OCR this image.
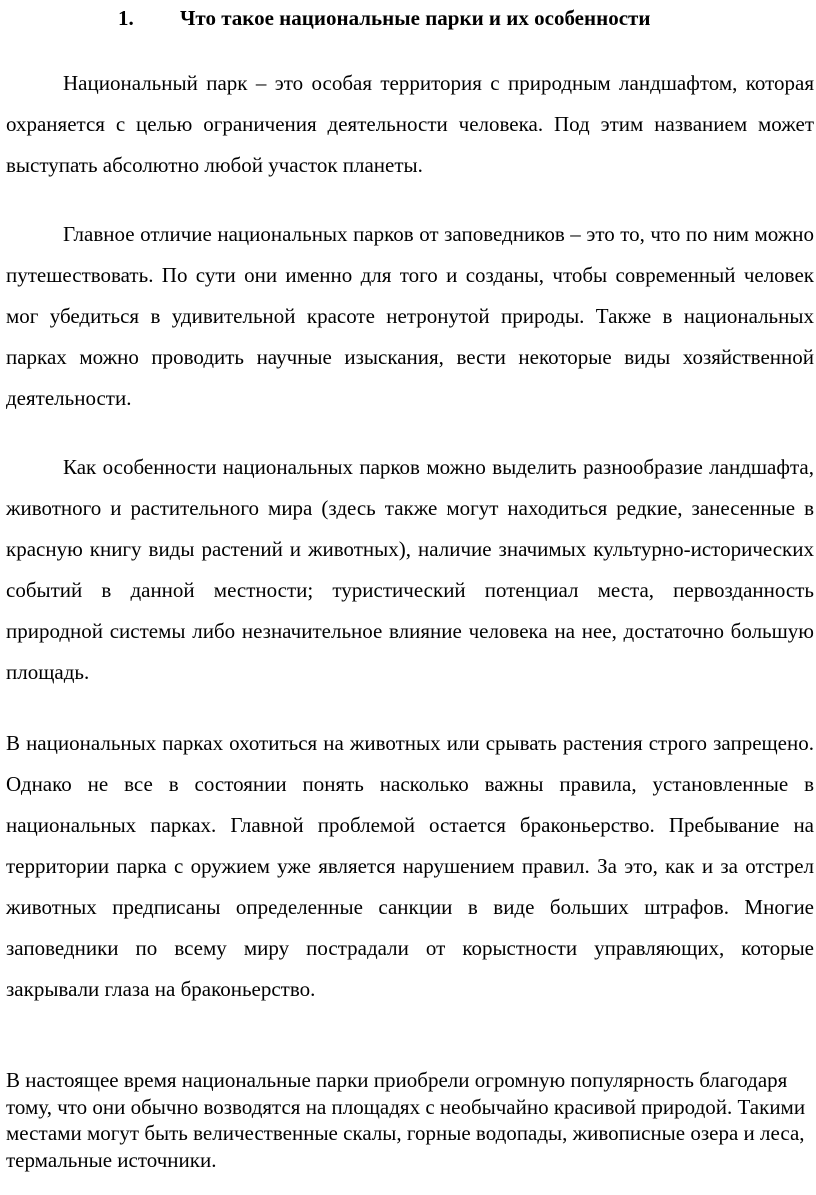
1. Что такое национальные парки и их особенности

Национальный парк – это особая территория с природным ландшафтом, которая охраняется с целью ограничения деятельности человека. Под этим названием может выступать абсолютно любой участок планеты.

Главное отличие национальных парков от заповедников – это то, что по ним можно путешествовать. По сути они именно для того и созданы, чтобы современный человек мог убедиться в удивительной красоте нетронутой природы. Также в национальных парках можно проводить научные изыскания, вести некоторые виды хозяйственной деятельности.

Как особенности национальных парков можно выделить разнообразие ландшафта, животного и растительного мира (здесь также могут находиться редкие, занесенные в красную книгу виды растений и животных), наличие значимых культурно-исторических событий в данной местности; туристический потенциал места, первозданность природной системы либо незначительное влияние человека на нее, достаточно большую площадь.

В национальных парках охотиться на животных или срывать растения строго запрещено. Однако не все в состоянии понять насколько важны правила, установленные в национальных парках. Главной проблемой остается браконьерство. Пребывание на территории парка с оружием уже является нарушением правил. За это, как и за отстрел животных предписаны определенные санкции в виде больших штрафов. Многие заповедники по всему миру пострадали от корыстности управляющих, которые закрывали глаза на браконьерство.

В настоящее время национальные парки приобрели огромную популярность благодаря тому, что они обычно возводятся на площадях с необычайно красивой природой. Такими местами могут быть величественные скалы, горные водопады, живописные озера и леса, термальные источники.
